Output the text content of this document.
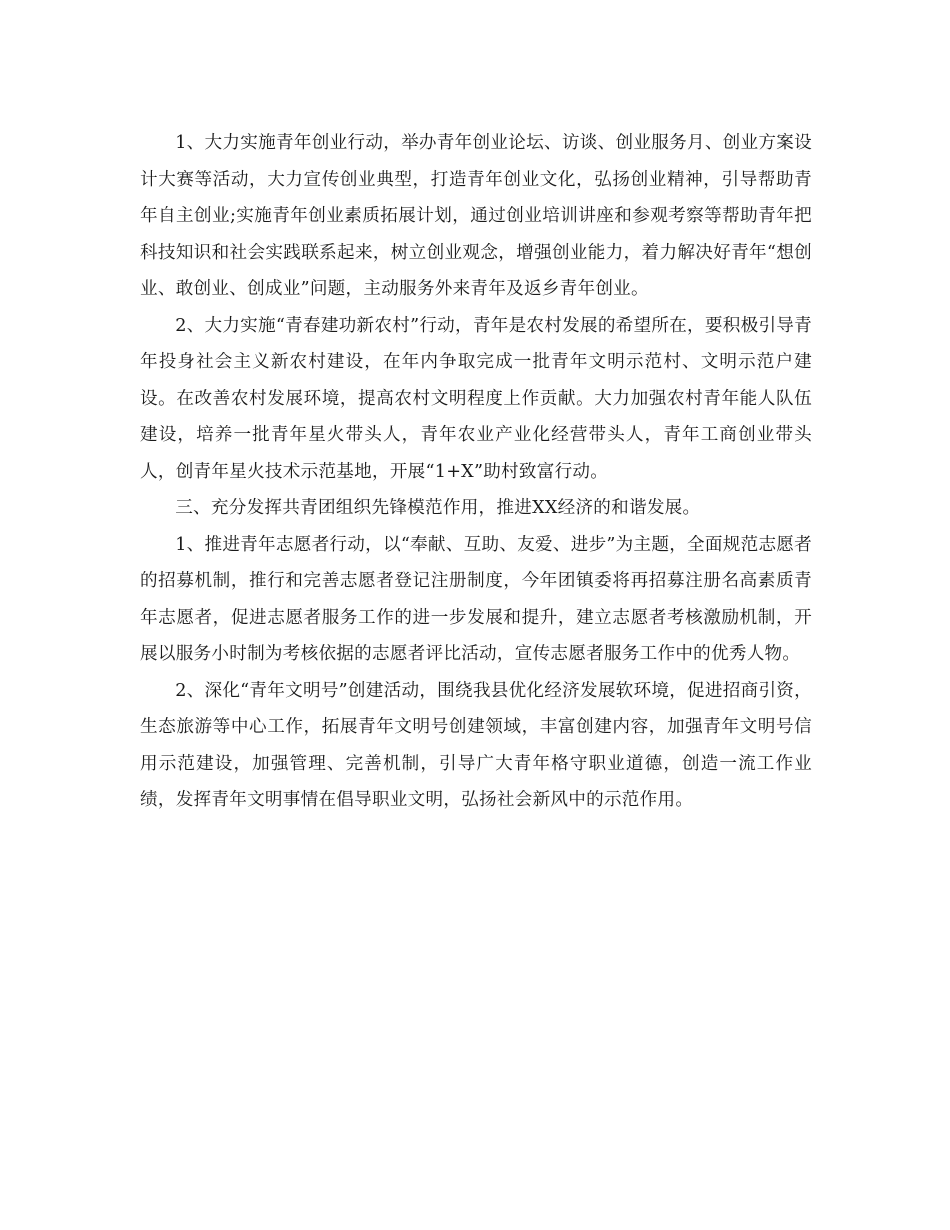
1、大力实施青年创业行动，举办青年创业论坛、访谈、创业服务月、创业方案设计大赛等活动，大力宣传创业典型，打造青年创业文化，弘扬创业精神，引导帮助青年自主创业;实施青年创业素质拓展计划，通过创业培训讲座和参观考察等帮助青年把科技知识和社会实践联系起来，树立创业观念，增强创业能力，着力解决好青年“想创业、敢创业、创成业”问题，主动服务外来青年及返乡青年创业。

2、大力实施“青春建功新农村”行动，青年是农村发展的希望所在，要积极引导青年投身社会主义新农村建设，在年内争取完成一批青年文明示范村、文明示范户建设。在改善农村发展环境，提高农村文明程度上作贡献。大力加强农村青年能人队伍建设，培养一批青年星火带头人，青年农业产业化经营带头人，青年工商创业带头人，创青年星火技术示范基地，开展“1+X”助村致富行动。

三、充分发挥共青团组织先锋模范作用，推进XX经济的和谐发展。

1、推进青年志愿者行动，以“奉献、互助、友爱、进步”为主题，全面规范志愿者的招募机制，推行和完善志愿者登记注册制度，今年团镇委将再招募注册名高素质青年志愿者，促进志愿者服务工作的进一步发展和提升，建立志愿者考核激励机制，开展以服务小时制为考核依据的志愿者评比活动，宣传志愿者服务工作中的优秀人物。

2、深化“青年文明号”创建活动，围绕我县优化经济发展软环境，促进招商引资，生态旅游等中心工作，拓展青年文明号创建领域，丰富创建内容，加强青年文明号信用示范建设，加强管理、完善机制，引导广大青年格守职业道德，创造一流工作业绩，发挥青年文明事情在倡导职业文明，弘扬社会新风中的示范作用。
